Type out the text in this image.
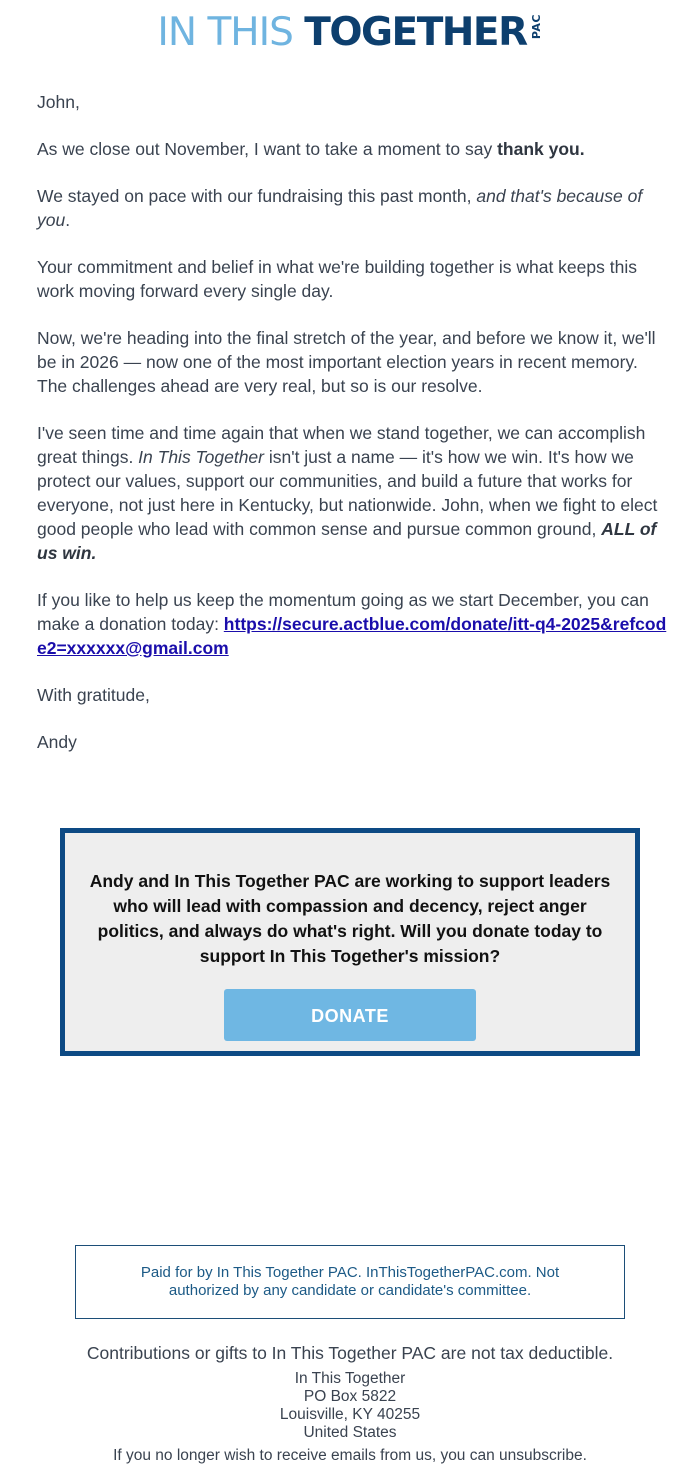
IN THIS TOGETHER PAC

John,

As we close out November, I want to take a moment to say thank you.

We stayed on pace with our fundraising this past month, and that's because of you.

Your commitment and belief in what we're building together is what keeps this work moving forward every single day.

Now, we're heading into the final stretch of the year, and before we know it, we'll be in 2026 — now one of the most important election years in recent memory. The challenges ahead are very real, but so is our resolve.

I've seen time and time again that when we stand together, we can accomplish great things. In This Together isn't just a name — it's how we win. It's how we protect our values, support our communities, and build a future that works for everyone, not just here in Kentucky, but nationwide. John, when we fight to elect good people who lead with common sense and pursue common ground, ALL of us win.

If you like to help us keep the momentum going as we start December, you can make a donation today: https://secure.actblue.com/donate/itt-q4-2025&refcode2=xxxxxx@gmail.com

With gratitude,

Andy

Andy and In This Together PAC are working to support leaders who will lead with compassion and decency, reject anger politics, and always do what's right. Will you donate today to support In This Together's mission?
DONATE
Paid for by In This Together PAC. InThisTogetherPAC.com. Not authorized by any candidate or candidate's committee.
Contributions or gifts to In This Together PAC are not tax deductible.
In This Together
PO Box 5822
Louisville, KY 40255
United States
If you no longer wish to receive emails from us, you can unsubscribe.
